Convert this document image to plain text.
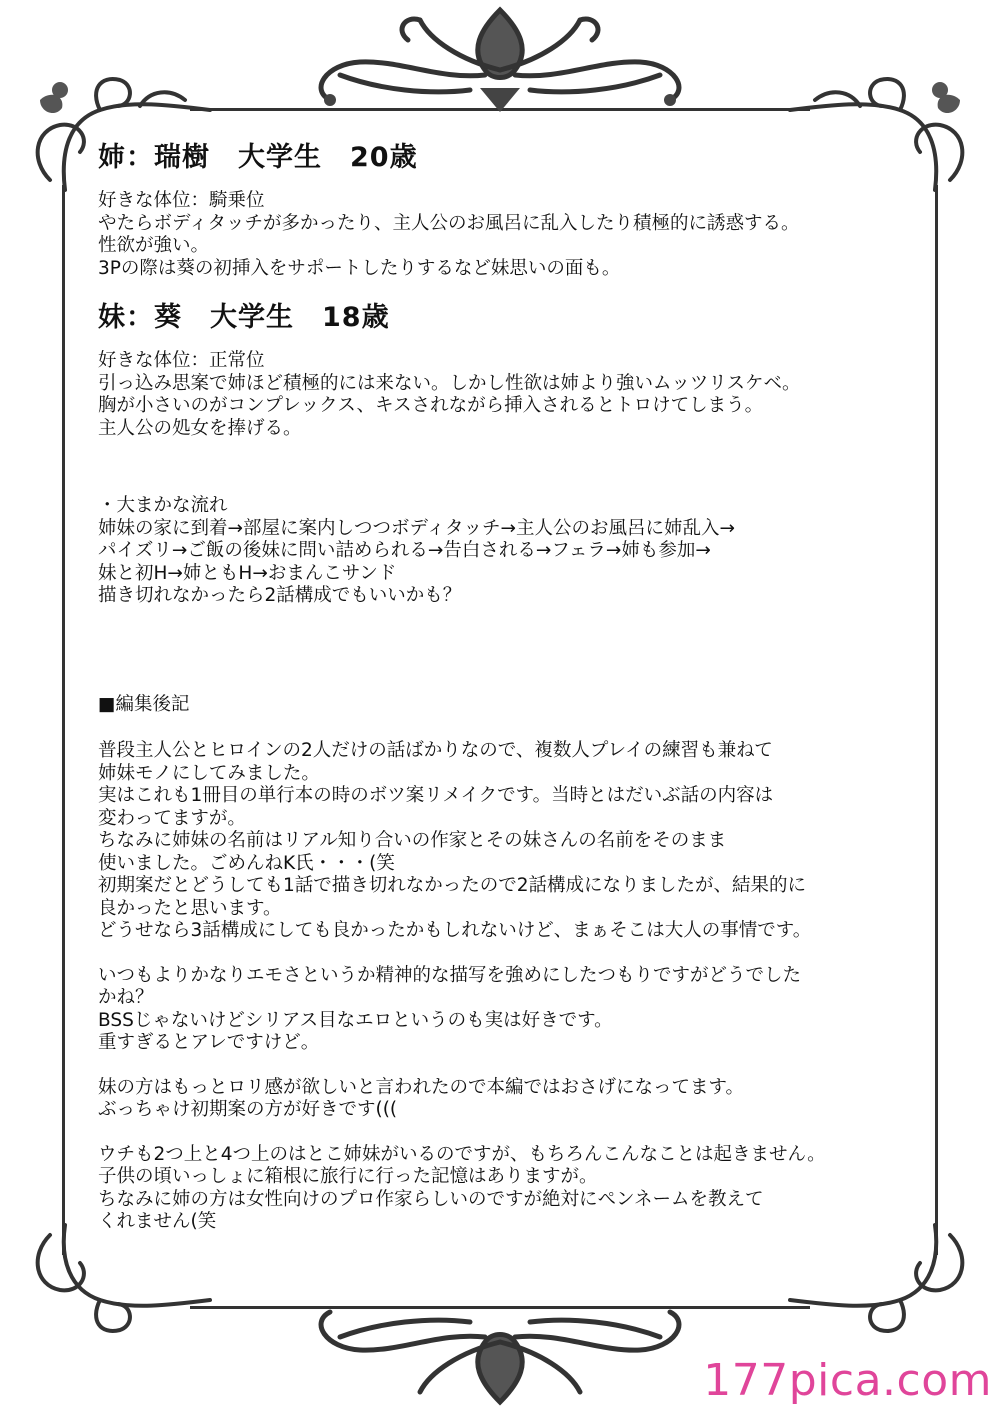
姉：瑞樹　大学生　20歳

好きな体位：騎乗位

やたらボディタッチが多かったり、主人公のお風呂に乱入したり積極的に誘惑する。

性欲が強い。

3Pの際は葵の初挿入をサポートしたりするなど妹思いの面も。

妹：葵　大学生　18歳

好きな体位：正常位

引っ込み思案で姉ほど積極的には来ない。しかし性欲は姉より強いムッツリスケベ。

胸が小さいのがコンプレックス、キスされながら挿入されるとトロけてしまう。

主人公の処女を捧げる。

・大まかな流れ

姉妹の家に到着→部屋に案内しつつボディタッチ→主人公のお風呂に姉乱入→

パイズリ→ご飯の後妹に問い詰められる→告白される→フェラ→姉も参加→

妹と初H→姉ともH→おまんこサンド

描き切れなかったら2話構成でもいいかも？

■編集後記

普段主人公とヒロインの2人だけの話ばかりなので、複数人プレイの練習も兼ねて

姉妹モノにしてみました。

実はこれも1冊目の単行本の時のボツ案リメイクです。当時とはだいぶ話の内容は

変わってますが。

ちなみに姉妹の名前はリアル知り合いの作家とその妹さんの名前をそのまま

使いました。ごめんねK氏・・・(笑

初期案だとどうしても1話で描き切れなかったので2話構成になりましたが、結果的に

良かったと思います。

どうせなら3話構成にしても良かったかもしれないけど、まぁそこは大人の事情です。

いつもよりかなりエモさというか精神的な描写を強めにしたつもりですがどうでした

かね？

BSSじゃないけどシリアス目なエロというのも実は好きです。

重すぎるとアレですけど。

妹の方はもっとロリ感が欲しいと言われたので本編ではおさげになってます。

ぶっちゃけ初期案の方が好きです(((

ウチも2つ上と4つ上のはとこ姉妹がいるのですが、もちろんこんなことは起きません。

子供の頃いっしょに箱根に旅行に行った記憶はありますが。

ちなみに姉の方は女性向けのプロ作家らしいのですが絶対にペンネームを教えて

くれません(笑

177pica.com
